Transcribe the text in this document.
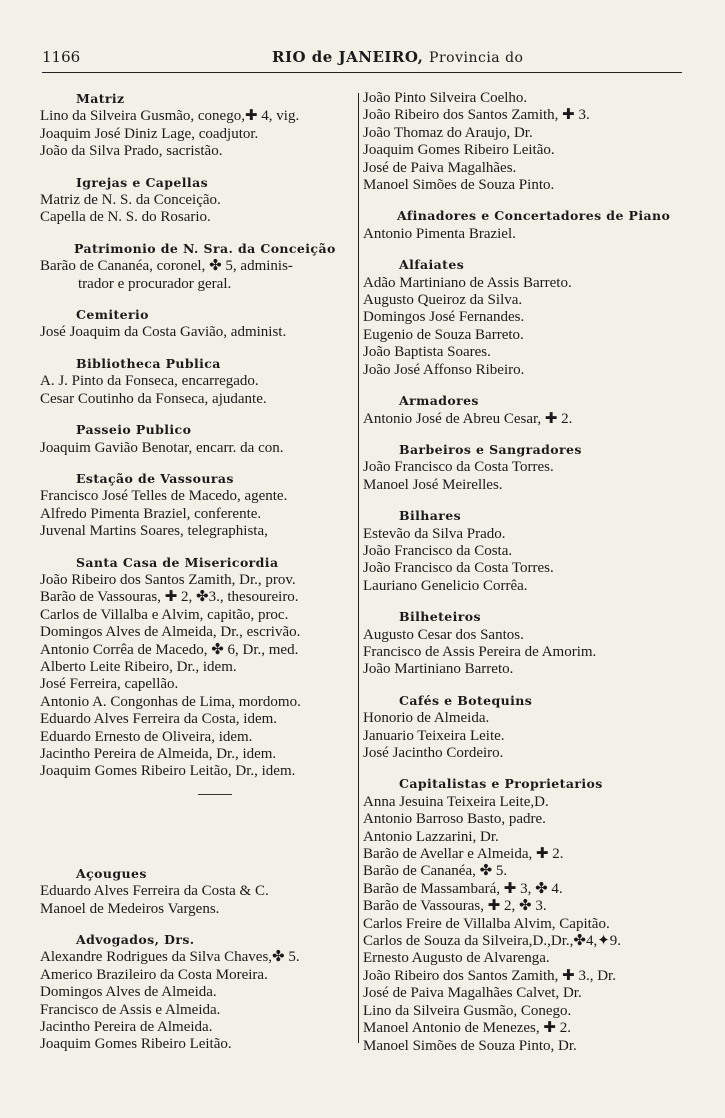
1166	RIO de JANEIRO, Provincia do
Matriz
Lino da Silveira Gusmão, conego,✚ 4, vig.
Joaquim José Diniz Lage, coadjutor.
João da Silva Prado, sacristão.
Igrejas e Capellas
Matriz de N. S. da Conceição.
Capella de N. S. do Rosario.
Patrimonio de N. Sra. da Conceição
Barão de Cananéa, coronel, ✤ 5, adminis-
trador e procurador geral.
Cemiterio
José Joaquim da Costa Gavião, administ.
Bibliotheca Publica
A. J. Pinto da Fonseca, encarregado.
Cesar Coutinho da Fonseca, ajudante.
Passeio Publico
Joaquim Gavião Benotar, encarr. da con.
Estação de Vassouras
Francisco José Telles de Macedo, agente.
Alfredo Pimenta Braziel, conferente.
Juvenal Martins Soares, telegraphista,
Santa Casa de Misericordia
João Ribeiro dos Santos Zamith, Dr., prov.
Barão de Vassouras, ✚ 2, ✤3., thesoureiro.
Carlos de Villalba e Alvim, capitão, proc.
Domingos Alves de Almeida, Dr., escrivão.
Antonio Corrêa de Macedo, ✤ 6, Dr., med.
Alberto Leite Ribeiro, Dr., idem.
José Ferreira, capellão.
Antonio A. Congonhas de Lima, mordomo.
Eduardo Alves Ferreira da Costa, idem.
Eduardo Ernesto de Oliveira, idem.
Jacintho Pereira de Almeida, Dr., idem.
Joaquim Gomes Ribeiro Leitão, Dr., idem.
Açougues
Eduardo Alves Ferreira da Costa & C.
Manoel de Medeiros Vargens.
Advogados, Drs.
Alexandre Rodrigues da Silva Chaves,✤ 5.
Americo Brazileiro da Costa Moreira.
Domingos Alves de Almeida.
Francisco de Assis e Almeida.
Jacintho Pereira de Almeida.
Joaquim Gomes Ribeiro Leitão.
João Pinto Silveira Coelho.
João Ribeiro dos Santos Zamith, ✚ 3.
João Thomaz do Araujo, Dr.
Joaquim Gomes Ribeiro Leitão.
José de Paiva Magalhães.
Manoel Simões de Souza Pinto.
Afinadores e Concertadores de Piano
Antonio Pimenta Braziel.
Alfaiates
Adão Martiniano de Assis Barreto.
Augusto Queiroz da Silva.
Domingos José Fernandes.
Eugenio de Souza Barreto.
João Baptista Soares.
João José Affonso Ribeiro.
Armadores
Antonio José de Abreu Cesar, ✚ 2.
Barbeiros e Sangradores
João Francisco da Costa Torres.
Manoel José Meirelles.
Bilhares
Estevão da Silva Prado.
João Francisco da Costa.
João Francisco da Costa Torres.
Lauriano Genelicio Corrêa.
Bilheteiros
Augusto Cesar dos Santos.
Francisco de Assis Pereira de Amorim.
João Martiniano Barreto.
Cafés e Botequins
Honorio de Almeida.
Januario Teixeira Leite.
José Jacintho Cordeiro.
Capitalistas e Proprietarios
Anna Jesuina Teixeira Leite,D.
Antonio Barroso Basto, padre.
Antonio Lazzarini, Dr.
Barão de Avellar e Almeida, ✚ 2.
Barão de Cananéa, ✤ 5.
Barão de Massambará, ✚ 3, ✤ 4.
Barão de Vassouras, ✚ 2, ✤ 3.
Carlos Freire de Villalba Alvim, Capitão.
Carlos de Souza da Silveira,D.,Dr.,✤4,✦9.
Ernesto Augusto de Alvarenga.
João Ribeiro dos Santos Zamith, ✚ 3., Dr.
José de Paiva Magalhães Calvet, Dr.
Lino da Silveira Gusmão, Conego.
Manoel Antonio de Menezes, ✚ 2.
Manoel Simões de Souza Pinto, Dr.
